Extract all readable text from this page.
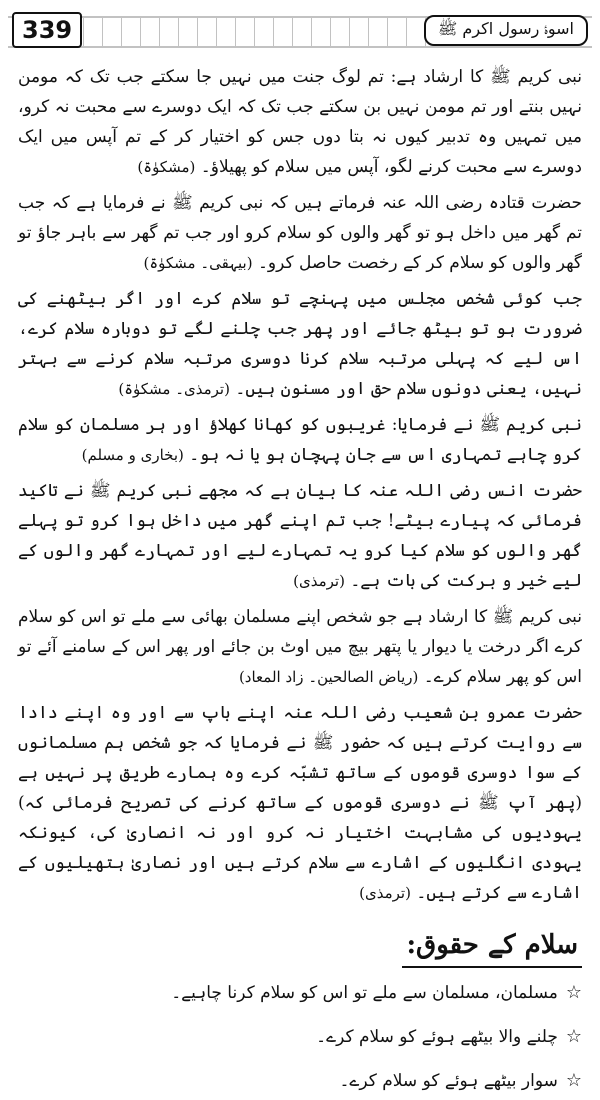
339	اسوۂ رسول اکرم ﷺ

نبی کریم ﷺ کا ارشاد ہے: تم لوگ جنت میں نہیں جا سکتے جب تک کہ مومن نہیں بنتے اور تم مومن نہیں بن سکتے جب تک کہ ایک دوسرے سے محبت نہ کرو، میں تمہیں وہ تدبیر کیوں نہ بتا دوں جس کو اختیار کر کے تم آپس میں ایک دوسرے سے محبت کرنے لگو، آپس میں سلام کو پھیلاؤ۔ (مشکوٰۃ)

حضرت قتادہ رضی اللہ عنہ فرماتے ہیں کہ نبی کریم ﷺ نے فرمایا ہے کہ جب تم گھر میں داخل ہو تو گھر والوں کو سلام کرو اور جب تم گھر سے باہر جاؤ تو گھر والوں کو سلام کر کے رخصت حاصل کرو۔ (بیہقی۔ مشکوٰۃ)

جب کوئی شخص مجلس میں پہنچے تو سلام کرے اور اگر بیٹھنے کی ضرورت ہو تو بیٹھ جائے اور پھر جب چلنے لگے تو دوبارہ سلام کرے، اس لیے کہ پہلی مرتبہ سلام کرنا دوسری مرتبہ سلام کرنے سے بہتر نہیں، یعنی دونوں سلام حق اور مسنون ہیں۔ (ترمذی۔ مشکوٰۃ)

نبی کریم ﷺ نے فرمایا: غریبوں کو کھانا کھلاؤ اور ہر مسلمان کو سلام کرو چاہے تمہاری اس سے جان پہچان ہو یا نہ ہو۔ (بخاری و مسلم)

حضرت انس رضی اللہ عنہ کا بیان ہے کہ مجھے نبی کریم ﷺ نے تاکید فرمائی کہ پیارے بیٹے! جب تم اپنے گھر میں داخل ہوا کرو تو پہلے گھر والوں کو سلام کیا کرو یہ تمہارے لیے اور تمہارے گھر والوں کے لیے خیر و برکت کی بات ہے۔ (ترمذی)

نبی کریم ﷺ کا ارشاد ہے جو شخص اپنے مسلمان بھائی سے ملے تو اس کو سلام کرے اگر درخت یا دیوار یا پتھر بیچ میں اوٹ بن جائے اور پھر اس کے سامنے آئے تو اس کو پھر سلام کرے۔ (ریاض الصالحین۔ زاد المعاد)

حضرت عمرو بن شعیب رضی اللہ عنہ اپنے باپ سے اور وہ اپنے دادا سے روایت کرتے ہیں کہ حضور ﷺ نے فرمایا کہ جو شخص ہم مسلمانوں کے سوا دوسری قوموں کے ساتھ تشبّہ کرے وہ ہمارے طریق پر نہیں ہے (پھر آپ ﷺ نے دوسری قوموں کے ساتھ کرنے کی تصریح فرمائی کہ) یہودیوں کی مشابہت اختیار نہ کرو اور نہ انصاریٰ کی، کیونکہ یہودی انگلیوں کے اشارے سے سلام کرتے ہیں اور نصاریٰ ہتھیلیوں کے اشارے سے کرتے ہیں۔ (ترمذی)

سلام کے حقوق:
☆
مسلمان، مسلمان سے ملے تو اس کو سلام کرنا چاہیے۔
☆
چلنے والا بیٹھے ہوئے کو سلام کرے۔
☆
سوار بیٹھے ہوئے کو سلام کرے۔
